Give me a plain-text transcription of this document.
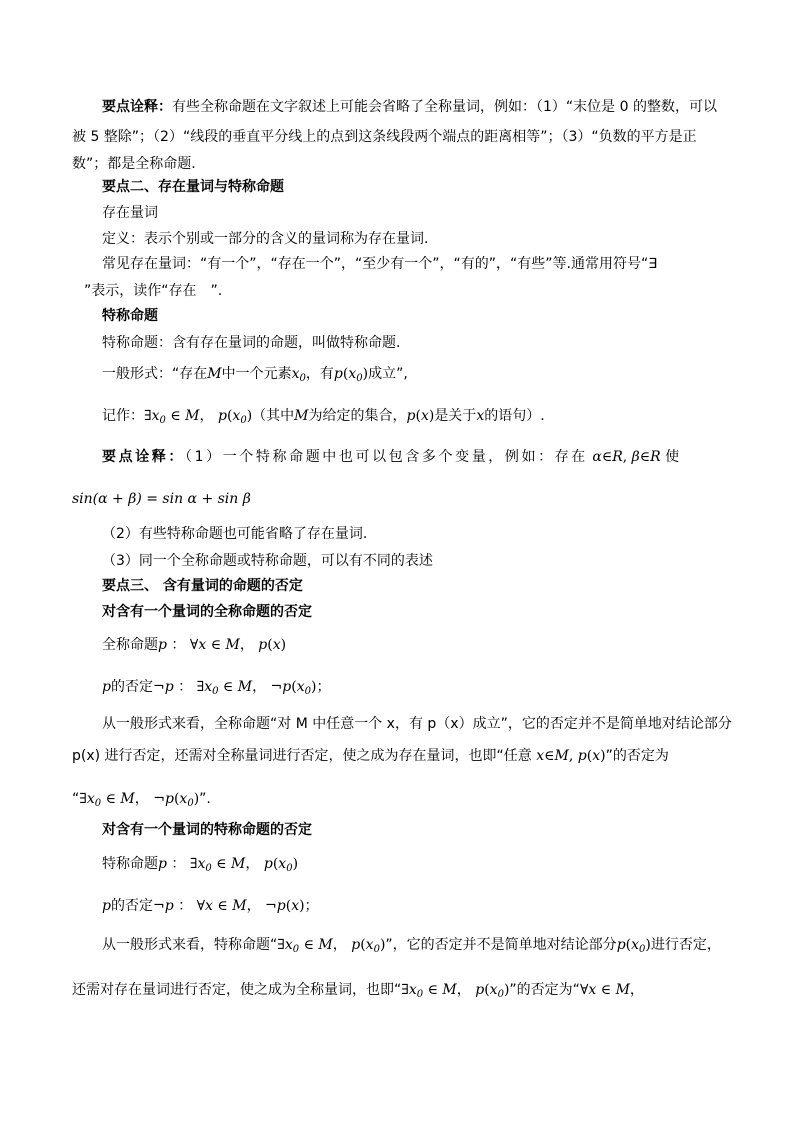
要点诠释：有些全称命题在文字叙述上可能会省略了全称量词，例如：（1）“末位是 0 的整数，可以
被 5 整除”；（2）“线段的垂直平分线上的点到这条线段两个端点的距离相等”；（3）“负数的平方是正
数”；都是全称命题.
要点二、存在量词与特称命题
存在量词
定义：表示个别或一部分的含义的量词称为存在量词.
常见存在量词：“有一个”，“存在一个”，“至少有一个”，“有的”，“有些”等.通常用符号“∃
”表示，读作“存在　”.
特称命题
特称命题：含有存在量词的命题，叫做特称命题.
一般形式：“存在M中一个元素$x_0$，有$p(x_0)$成立”,
记作：$\exists x_0$ ∈ M， $p(x_0)$（其中M为给定的集合，p(x)是关于x的语句）.
要点诠释：（1）一个特称命题中也可以包含多个变量，例如：存在 α∈R, β∈R 使
sin(α + β) = sin α + sin β
（2）有些特称命题也可能省略了存在量词.
（3）同一个全称命题或特称命题，可以有不同的表述
要点三、 含有量词的命题的否定
对含有一个量词的全称命题的否定
全称命题p ： ∀x ∈ M， p(x)
p的否定¬p ： $\exists x_0$ ∈ M， $\neg p(x_0)$；
从一般形式来看，全称命题“对 M 中任意一个 x，有 p（x）成立”，它的否定并不是简单地对结论部分
p(x) 进行否定，还需对全称量词进行否定，使之成为存在量词，也即“任意 x∈M, p(x)”的否定为
“$\exists x_0$ ∈ M， $\neg p(x_0)$”.
对含有一个量词的特称命题的否定
特称命题p ： $\exists x_0$ ∈ M， $p(x_0)$
p的否定¬p ： ∀x ∈ M， ¬p(x)；
从一般形式来看，特称命题“$\exists x_0$ ∈ M， $p(x_0)$”，它的否定并不是简单地对结论部分$p(x_0)$进行否定，
还需对存在量词进行否定，使之成为全称量词，也即“$\exists x_0$ ∈ M， $p(x_0)$”的否定为“∀x ∈ M，
